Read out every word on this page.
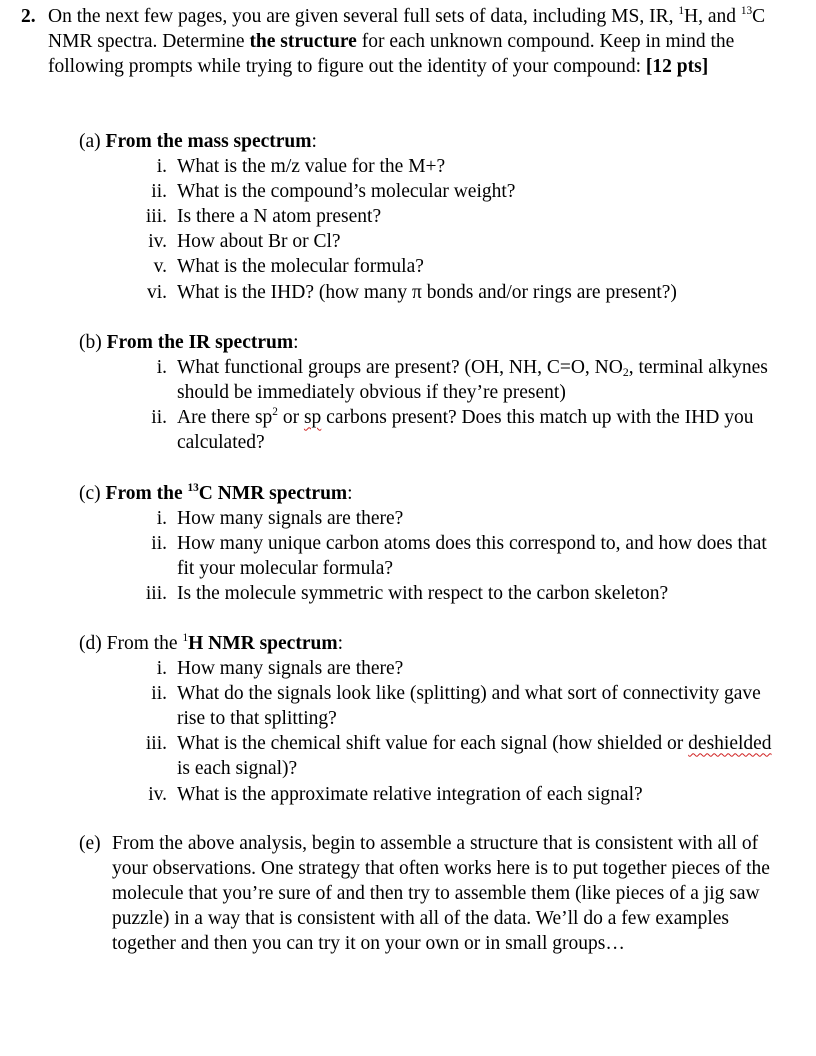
2. On the next few pages, you are given several full sets of data, including MS, IR, $^1$H, and $^{13}$C NMR spectra. Determine the structure for each unknown compound. Keep in mind the following prompts while trying to figure out the identity of your compound: [12 pts]

(a) From the mass spectrum:

i. What is the m/z value for the M+?
ii. What is the compound’s molecular weight?
iii. Is there a N atom present?
iv. How about Br or Cl?
v. What is the molecular formula?
vi. What is the IHD? (how many π bonds and/or rings are present?)

(b) From the IR spectrum:

i. What functional groups are present? (OH, NH, C=O, $NO_2$, terminal alkynes should be immediately obvious if they’re present)
ii. Are there $sp^2$ or sp carbons present? Does this match up with the IHD you calculated?

(c) From the $^{13}$C NMR spectrum:

i. How many signals are there?
ii. How many unique carbon atoms does this correspond to, and how does that fit your molecular formula?
iii. Is the molecule symmetric with respect to the carbon skeleton?

(d) From the $^1$H NMR spectrum:

i. How many signals are there?
ii. What do the signals look like (splitting) and what sort of connectivity gave rise to that splitting?
iii. What is the chemical shift value for each signal (how shielded or deshielded is each signal)?
iv. What is the approximate relative integration of each signal?
(e) From the above analysis, begin to assemble a structure that is consistent with all of your observations. One strategy that often works here is to put together pieces of the molecule that you’re sure of and then try to assemble them (like pieces of a jig saw puzzle) in a way that is consistent with all of the data. We’ll do a few examples together and then you can try it on your own or in small groups…
